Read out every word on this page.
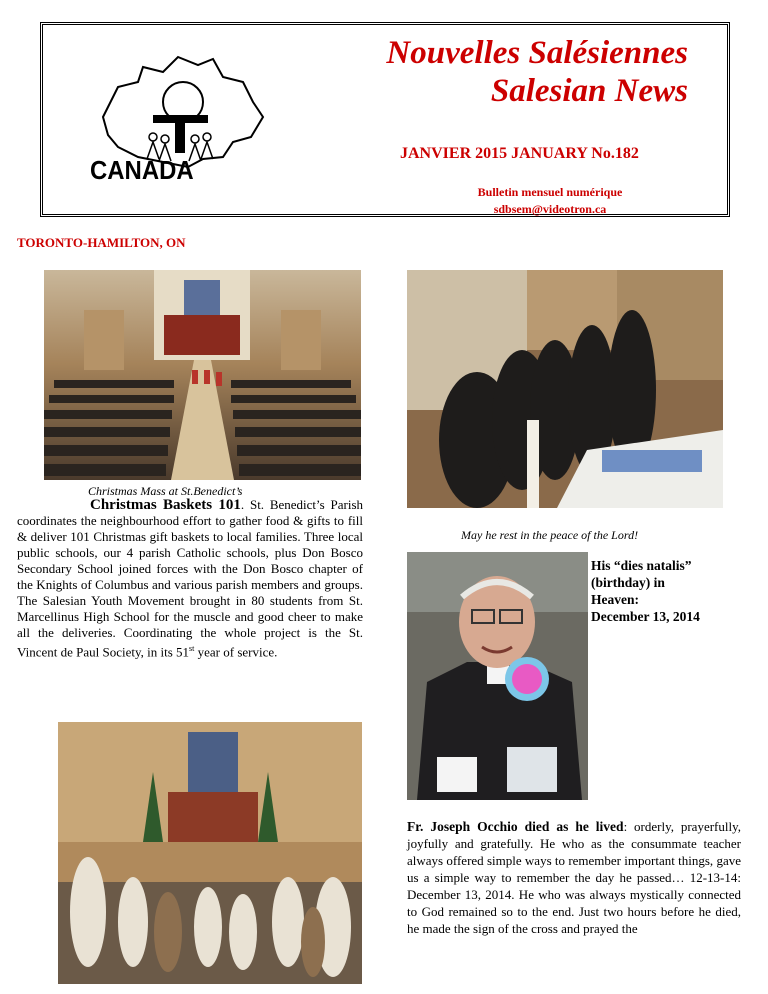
CANADA
Nouvelles Salésiennes
Salesian News
JANVIER 2015 JANUARY No.182
Bulletin mensuel numérique
sdbsem@videotron.ca
TORONTO-HAMILTON, ON
Christmas Mass at St.Benedict’s
Christmas Baskets 101. St. Benedict’s Parish coordinates the neighbourhood effort to gather food & gifts to fill & deliver 101 Christmas gift baskets to local families. Three local public schools, our 4 parish Catholic schools, plus Don Bosco Secondary School joined forces with the Don Bosco chapter of the Knights of Columbus and various parish members and groups. The Salesian Youth Movement brought in 80 students from St. Marcellinus High School for the muscle and good cheer to make all the deliveries. Coordinating the whole project is the St. Vincent de Paul Society, in its 51st year of service.
May he rest in the peace of the Lord!
His “dies natalis”
(birthday) in
Heaven:
December 13, 2014
Fr. Joseph Occhio died as he lived: orderly, prayerfully, joyfully and gratefully. He who as the consummate teacher always offered simple ways to remember important things, gave us a simple way to remember the day he passed… 12-13-14: December 13, 2014. He who was always mystically connected to God remained so to the end. Just two hours before he died, he made the sign of the cross and prayed the
